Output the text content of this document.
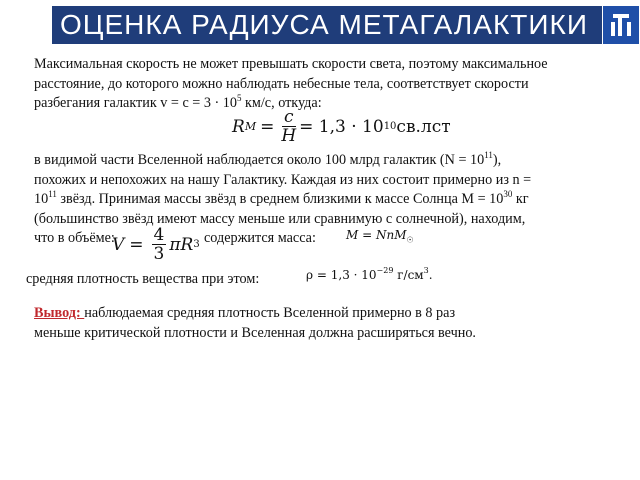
ОЦЕНКА РАДИУСА МЕТАГАЛАКТИКИ
Максимальная скорость не может превышать скорости света, поэтому максимальное
расстояние, до которого можно наблюдать небесные тела, соответствует скорости
разбегания галактик $v = с = 3 \cdot 10^5$ км/с, откуда:
R $M = \frac{c}{H} = 1,3 \cdot 10$ 10 св.лст
в видимой части Вселенной наблюдается около 100 млрд галактик $(N = 10^{11})$,
похожих и непохожих на нашу Галактику. Каждая из них состоит примерно из n =
$10^{11}$ звёзд. Принимая массы звёзд в среднем близкими к массе Солнца $М = 10^{30}$ кг
(большинство звёзд имеют массу меньше или сравнимую с солнечной), находим,
что в объёме:	содержится масса:
$V = \frac{4}{3}$ πR 3
M = NnM$_☉$
средняя плотность вещества при этом:	$\rho = 1,3 \cdot 10^{-29}$ $г/см^3$.
Вывод: наблюдаемая средняя плотность Вселенной примерно в 8 раз
меньше критической плотности и Вселенная должна расширяться вечно.
